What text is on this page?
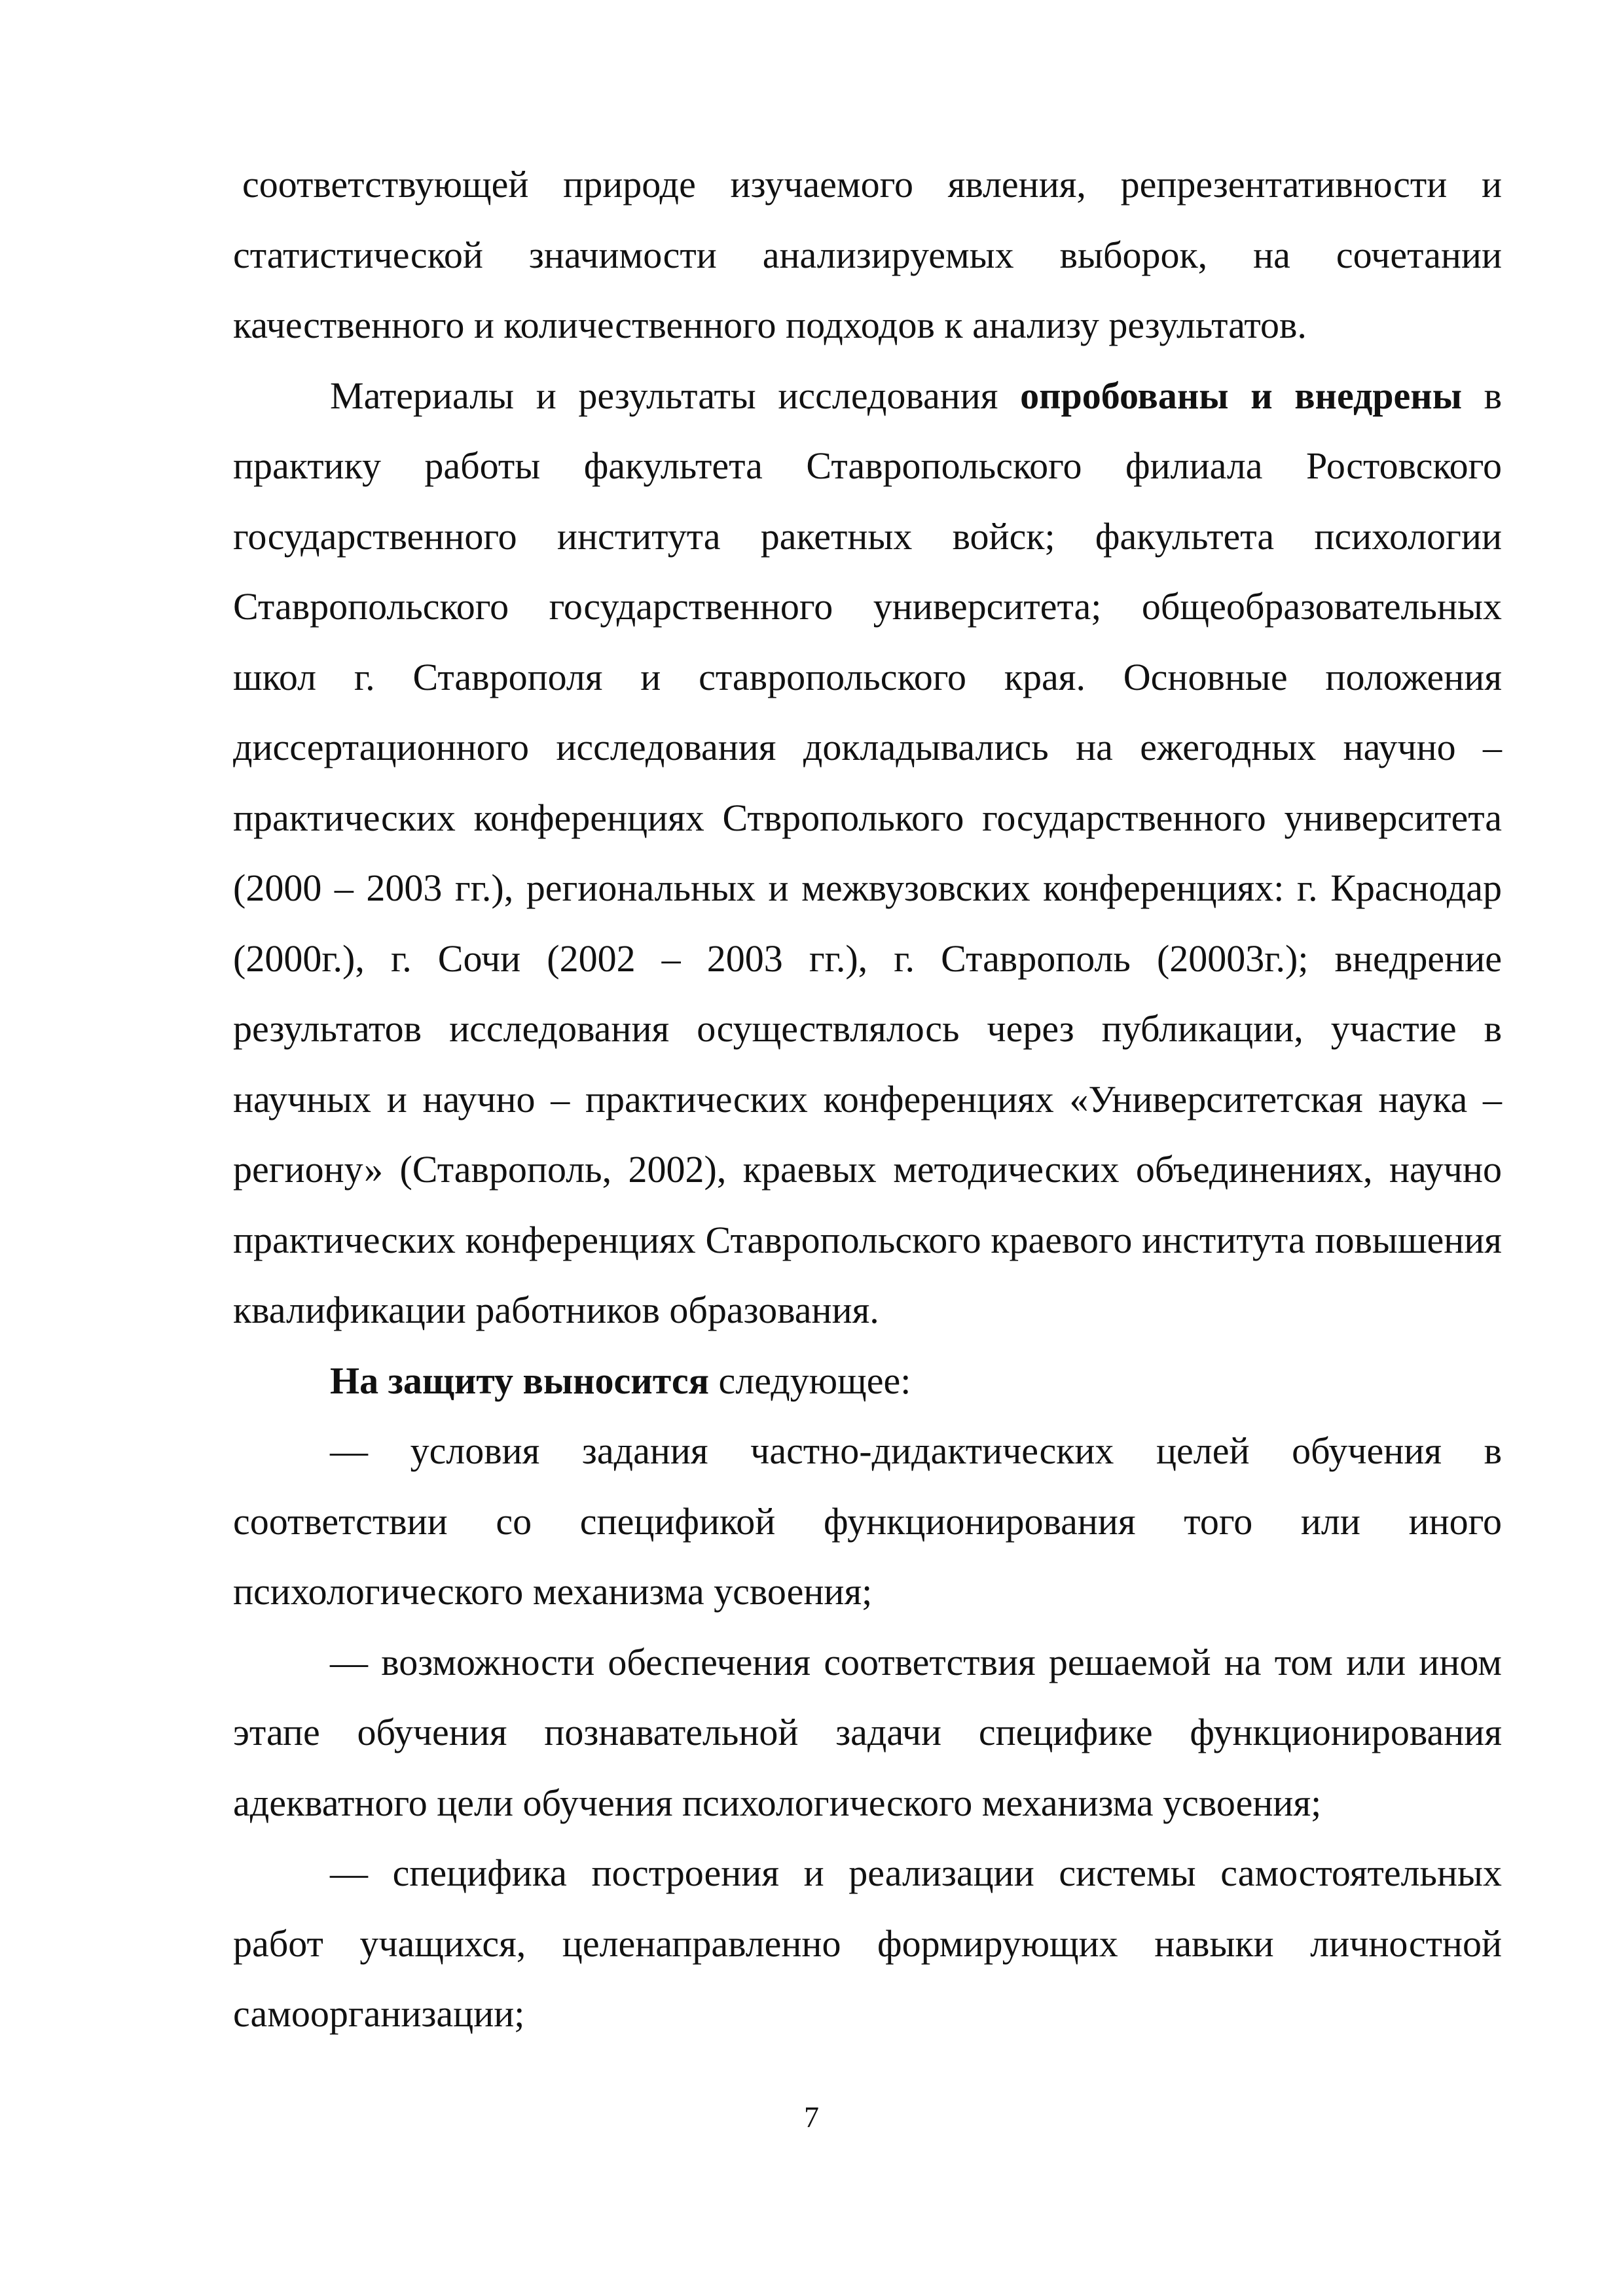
соответствующей природе изучаемого явления, репрезентативности и статистической значимости анализируемых выборок, на сочетании качественного и количественного подходов к анализу результатов.

Материалы и результаты исследования опробованы и внедрены в практику работы факультета Ставропольского филиала Ростовского государственного института ракетных войск; факультета психологии Ставропольского государственного университета; общеобразовательных школ г. Ставрополя и ставропольского края. Основные положения диссертационного исследования докладывались на ежегодных научно – практических конференциях Стврополького государственного университета (2000 – 2003 гг.), региональных и межвузовских конференциях: г. Краснодар (2000г.), г. Сочи (2002 – 2003 гг.), г. Ставрополь (20003г.); внедрение результатов исследования осуществлялось через публикации, участие в научных и научно – практических конференциях «Университетская наука – региону» (Ставрополь, 2002), краевых методических объединениях, научно практических конференциях Ставропольского краевого института повышения квалификации работников образования.

На защиту выносится следующее:

— условия задания частно-дидактических целей обучения в соответствии со спецификой функционирования того или иного психологического механизма усвоения;

— возможности обеспечения соответствия решаемой на том или ином этапе обучения познавательной задачи специфике функционирования адекватного цели обучения психологического механизма усвоения;

— специфика построения и реализации системы самостоятельных работ учащихся, целенаправленно формирующих навыки личностной самоорганизации;

7
